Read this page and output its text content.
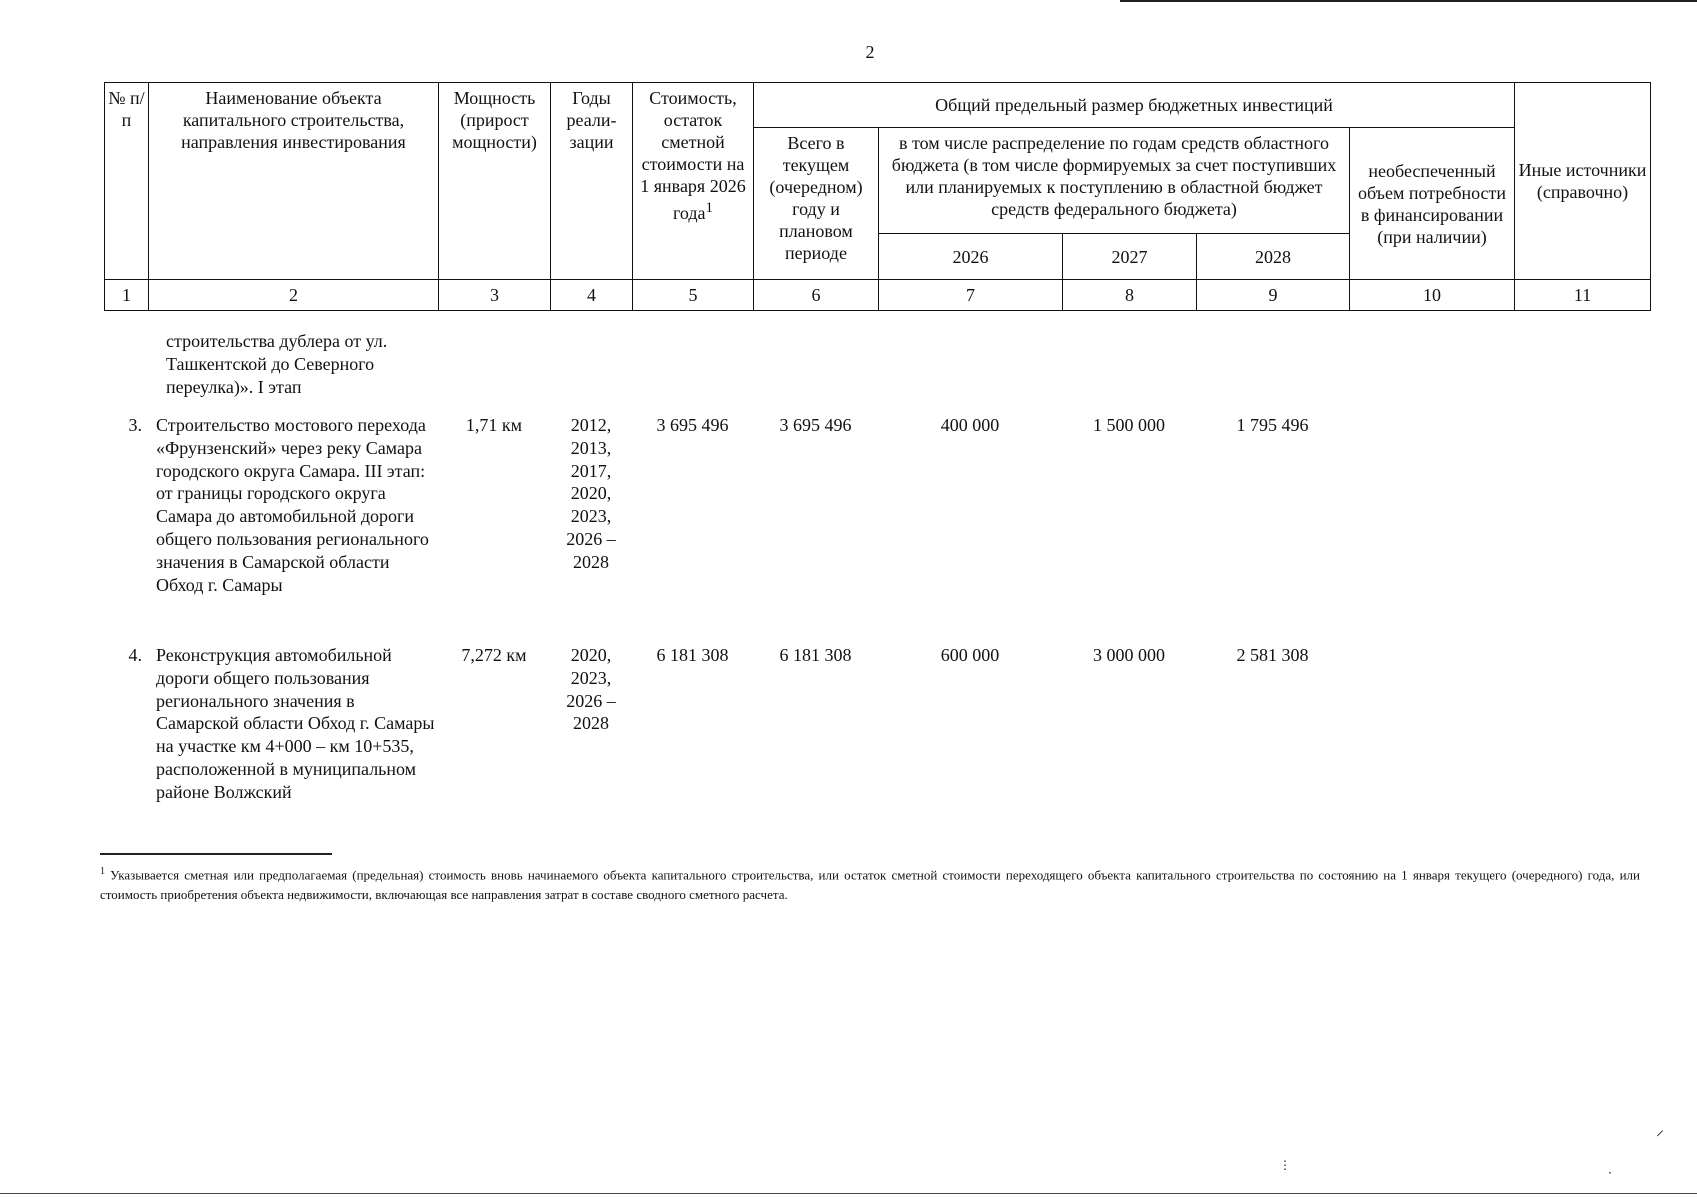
2
№ п/п	Наименование объекта капитального строительства, направления инвестирования	Мощность (прирост мощности)	Годы реали-зации	Стоимость, остаток сметной стоимости на 1 января 2026 года$^1$	Общий предельный размер бюджетных инвестиций					Иные источники (справочно)
					Всего в текущем (очередном) году и плановом периоде	в том числе распределение по годам средств областного бюджета (в том числе формируемых за счет поступивших или планируемых к поступлению в областной бюджет средств федерального бюджета)			необеспеченный объем потребности в финансировании (при наличии)	
						2026	2027	2028		
1	2	3	4	5	6	7	8	9	10	11
	строительства дублера от ул. Ташкентской до Северного переулка)». I этап									
3.	Строительство мостового перехода «Фрунзенский» через реку Самара городского округа Самара. III этап: от границы городского округа Самара до автомобильной дороги общего пользования регионального значения в Самарской области Обход г. Самары	1,71 км	2012, 2013, 2017, 2020, 2023, 2026 – 2028	3 695 496	3 695 496	400 000	1 500 000	1 795 496		
4.	Реконструкция автомобильной дороги общего пользования регионального значения в Самарской области Обход г. Самары на участке км 4+000 – км 10+535, расположенной в муниципальном районе Волжский	7,272 км	2020, 2023, 2026 – 2028	6 181 308	6 181 308	600 000	3 000 000	2 581 308		
$^1$ Указывается сметная или предполагаемая (предельная) стоимость вновь начинаемого объекта капитального строительства, или остаток сметной стоимости переходящего объекта капитального строительства по состоянию на 1 января текущего (очередного) года, или стоимость приобретения объекта недвижимости, включающая все направления затрат в составе сводного сметного расчета.
⸝
·
⋮
